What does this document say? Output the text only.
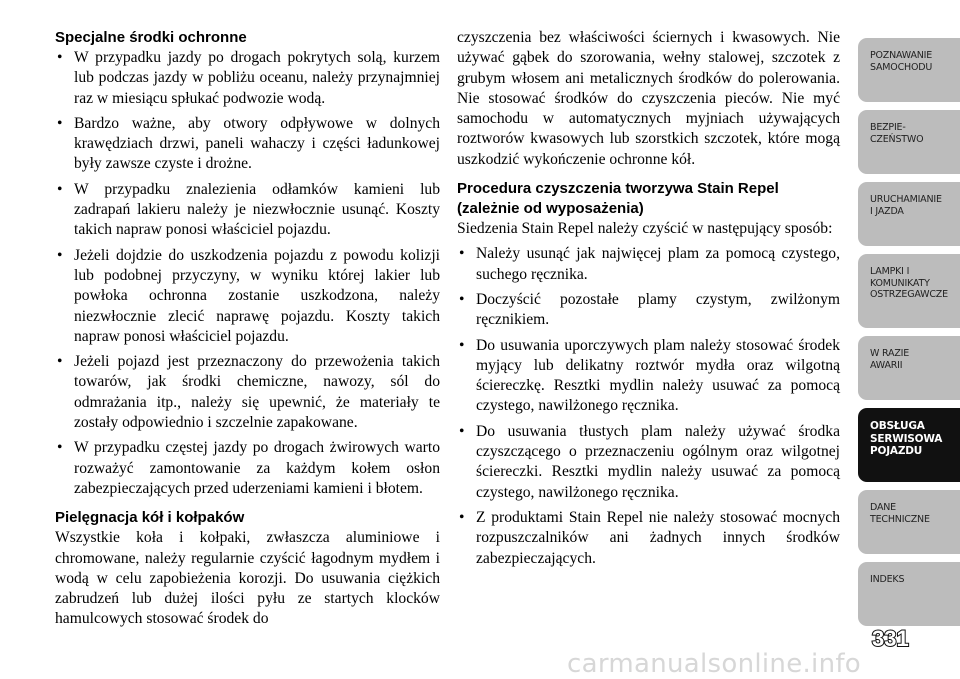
Specjalne środki ochronne
• W przypadku jazdy po drogach pokrytych solą, kurzem lub podczas jazdy w pobliżu oceanu, należy przynajmniej raz w miesiącu spłukać podwozie wodą.
• Bardzo ważne, aby otwory odpływowe w dolnych krawędziach drzwi, paneli wahaczy i części ładunkowej były zawsze czyste i drożne.
• W przypadku znalezienia odłamków kamieni lub zadrapań lakieru należy je niezwłocznie usunąć. Koszty takich napraw ponosi właściciel pojazdu.
• Jeżeli dojdzie do uszkodzenia pojazdu z powodu kolizji lub podobnej przyczyny, w wyniku której lakier lub powłoka ochronna zostanie uszkodzona, należy niezwłocznie zlecić naprawę pojazdu. Koszty takich napraw ponosi właściciel pojazdu.
• Jeżeli pojazd jest przeznaczony do przewożenia takich towarów, jak środki chemiczne, nawozy, sól do odmrażania itp., należy się upewnić, że materiały te zostały odpowiednio i szczelnie zapakowane.
• W przypadku częstej jazdy po drogach żwirowych warto rozważyć zamontowanie za każdym kołem osłon zabezpieczających przed uderzeniami kamieni i błotem.
Pielęgnacja kół i kołpaków

Wszystkie koła i kołpaki, zwłaszcza aluminiowe i chromowane, należy regularnie czyścić łagodnym mydłem i wodą w celu zapobieżenia korozji. Do usuwania ciężkich zabrudzeń lub dużej ilości pyłu ze startych klocków hamulcowych stosować środek do

czyszczenia bez właściwości ściernych i kwasowych. Nie używać gąbek do szorowania, wełny stalowej, szczotek z grubym włosem ani metalicznych środków do polerowania. Nie stosować środków do czyszczenia pieców. Nie myć samochodu w automatycznych myjniach używających roztworów kwasowych lub szorstkich szczotek, które mogą uszkodzić wykończenie ochronne kół.

Procedura czyszczenia tworzywa Stain Repel (zależnie od wyposażenia)

Siedzenia Stain Repel należy czyścić w następujący sposób:

• Należy usunąć jak najwięcej plam za pomocą czystego, suchego ręcznika.
• Doczyścić pozostałe plamy czystym, zwilżonym ręcznikiem.
• Do usuwania uporczywych plam należy stosować środek myjący lub delikatny roztwór mydła oraz wilgotną ściereczkę. Resztki mydlin należy usuwać za pomocą czystego, nawilżonego ręcznika.
• Do usuwania tłustych plam należy używać środka czyszczącego o przeznaczeniu ogólnym oraz wilgotnej ściereczki. Resztki mydlin należy usuwać za pomocą czystego, nawilżonego ręcznika.
• Z produktami Stain Repel nie należy stosować mocnych rozpuszczalników ani żadnych innych środków zabezpieczających.
POZNAWANIE
SAMOCHODU
BEZPIE-
CZEŃSTWO
URUCHAMIANIE
I JAZDA
LAMPKI I
KOMUNIKATY
OSTRZEGAWCZE
W RAZIE
AWARII
OBSŁUGA
SERWISOWA
POJAZDU
DANE
TECHNICZNE
INDEKS
331
carmanualsonline.info
